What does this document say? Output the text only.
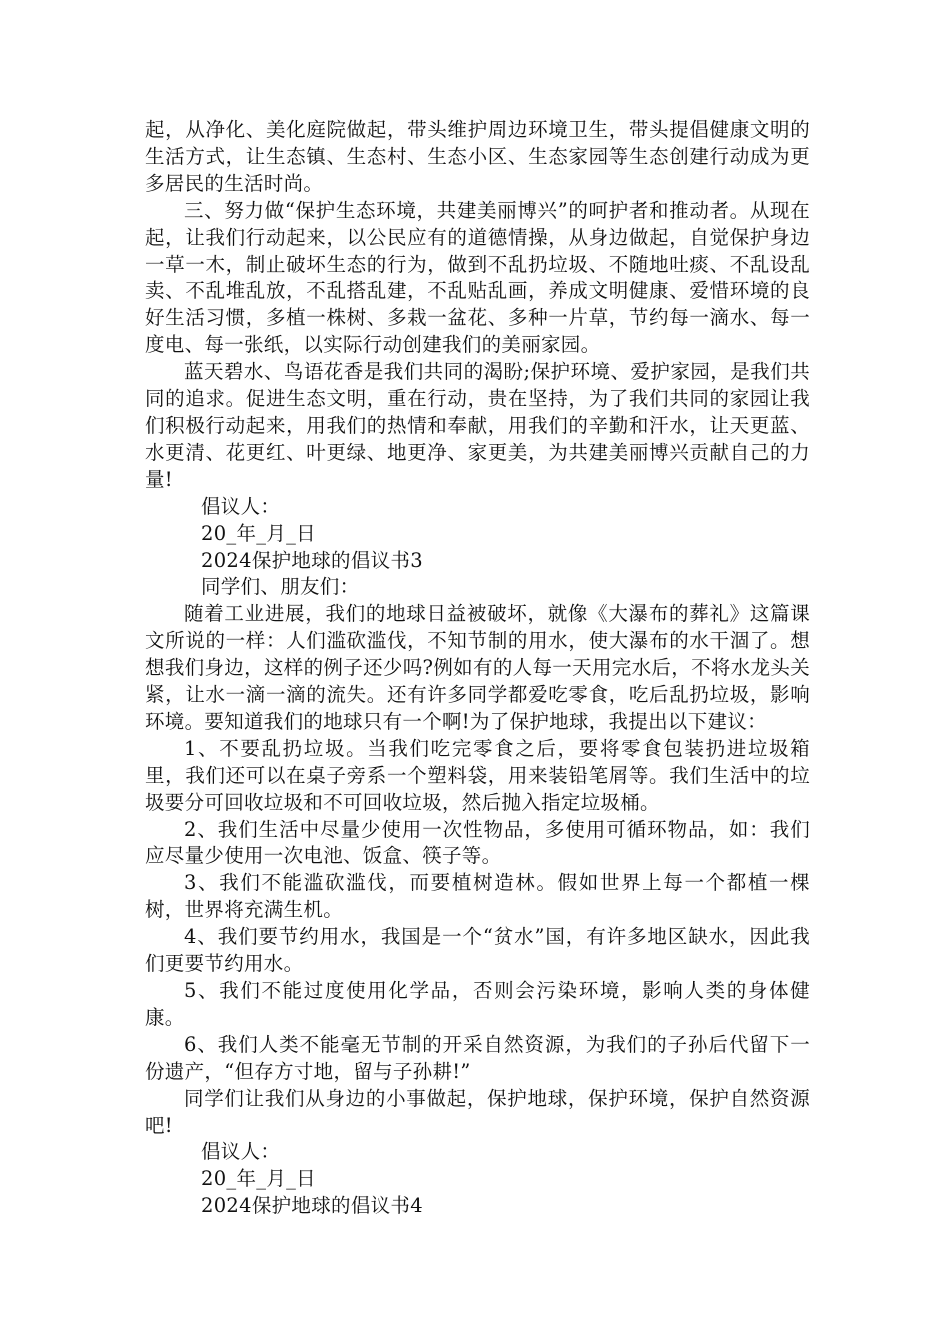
起，从净化、美化庭院做起，带头维护周边环境卫生，带头提倡健康文明的生活方式，让生态镇、生态村、生态小区、生态家园等生态创建行动成为更多居民的生活时尚。

三、努力做“保护生态环境，共建美丽博兴”的呵护者和推动者。从现在起，让我们行动起来，以公民应有的道德情操，从身边做起，自觉保护身边一草一木，制止破坏生态的行为，做到不乱扔垃圾、不随地吐痰、不乱设乱卖、不乱堆乱放，不乱搭乱建，不乱贴乱画，养成文明健康、爱惜环境的良好生活习惯，多植一株树、多栽一盆花、多种一片草，节约每一滴水、每一度电、每一张纸，以实际行动创建我们的美丽家园。

蓝天碧水、鸟语花香是我们共同的渴盼;保护环境、爱护家园，是我们共同的追求。促进生态文明，重在行动，贵在坚持，为了我们共同的家园让我们积极行动起来，用我们的热情和奉献，用我们的辛勤和汗水，让天更蓝、水更清、花更红、叶更绿、地更净、家更美，为共建美丽博兴贡献自己的力量!

倡议人：

20_年_月_日

2024保护地球的倡议书3

同学们、朋友们：

随着工业进展，我们的地球日益被破坏，就像《大瀑布的葬礼》这篇课文所说的一样：人们滥砍滥伐，不知节制的用水，使大瀑布的水干涸了。想想我们身边，这样的例子还少吗?例如有的人每一天用完水后，不将水龙头关紧，让水一滴一滴的流失。还有许多同学都爱吃零食，吃后乱扔垃圾，影响环境。要知道我们的地球只有一个啊!为了保护地球，我提出以下建议：

1、不要乱扔垃圾。当我们吃完零食之后，要将零食包装扔进垃圾箱里，我们还可以在桌子旁系一个塑料袋，用来装铅笔屑等。我们生活中的垃圾要分可回收垃圾和不可回收垃圾，然后抛入指定垃圾桶。

2、我们生活中尽量少使用一次性物品，多使用可循环物品，如：我们应尽量少使用一次电池、饭盒、筷子等。

3、我们不能滥砍滥伐，而要植树造林。假如世界上每一个都植一棵树，世界将充满生机。

4、我们要节约用水，我国是一个“贫水”国，有许多地区缺水，因此我们更要节约用水。

5、我们不能过度使用化学品，否则会污染环境，影响人类的身体健康。

6、我们人类不能毫无节制的开采自然资源，为我们的子孙后代留下一份遗产，“但存方寸地，留与子孙耕!”

同学们让我们从身边的小事做起，保护地球，保护环境，保护自然资源吧!

倡议人：

20_年_月_日

2024保护地球的倡议书4
